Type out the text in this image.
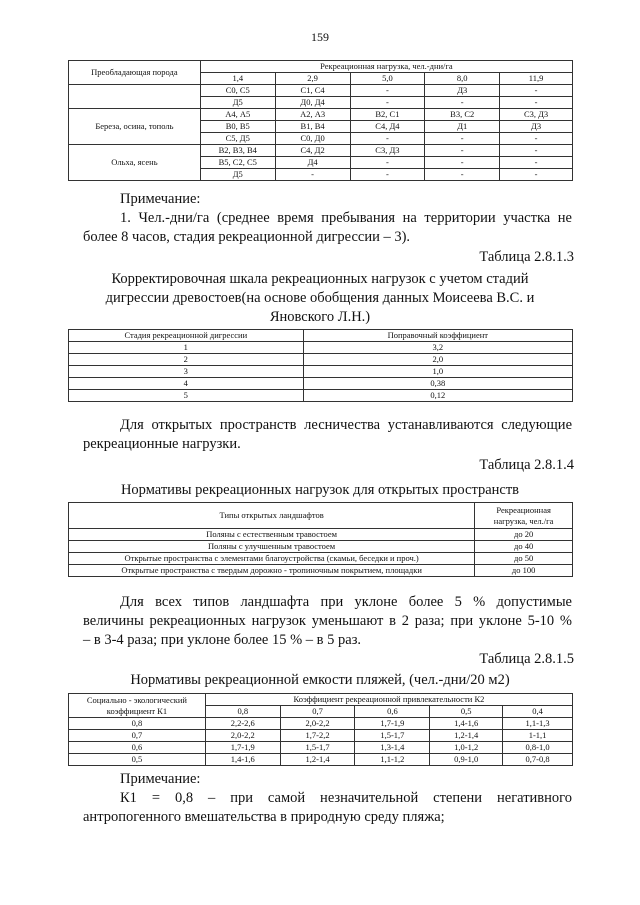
159
Преобладающая порода	Рекреационная нагрузка, чел.-дни/га				
	1,4	2,9	5,0	8,0	11,9
	С0, С5	С1, С4	-	Д3	-
	Д5	Д0, Д4	-	-	-
Береза, осина, тополь	А4, А5	А2, А3	В2, С1	В3, С2	С3, Д3
	В0, В5	В1, В4	С4, Д4	Д1	Д3
	С5, Д5	С0, Д0	-	-	-
Ольха, ясень	В2, В3, В4	С4, Д2	С3, Д3	-	-
	В5, С2, С5	Д4	-	-	-
	Д5	-	-	-	-
Примечание:
1. Чел.-дни/га (среднее время пребывания на территории участка не
более 8 часов, стадия рекреационной дигрессии – 3).
Таблица 2.8.1.3
Корректировочная шкала рекреационных нагрузок с учетом стадий
дигрессии древостоев(на основе обобщения данных Моисеева В.С. и
Яновского Л.Н.)
Стадия рекреационной дигрессии	Поправочный коэффициент
1	3,2
2	2,0
3	1,0
4	0,38
5	0,12
Для открытых пространств лесничества устанавливаются следующие
рекреационные нагрузки.
Таблица 2.8.1.4
Нормативы рекреационных нагрузок для открытых пространств
Типы открытых ландшафтов	Рекреационная
нагрузка, чел./га

Поляны с естественным травостоем	до 20
Поляны с улучшенным травостоем	до 40
Открытые пространства с элементами благоустройства (скамьи, беседки и проч.)	до 50
Открытые пространства с твердым дорожно - тропиночным покрытием, площадки	до 100
Для всех типов ландшафта при уклоне более 5 % допустимые
величины рекреационных нагрузок уменьшают в 2 раза; при уклоне 5-10 %
– в 3-4 раза; при уклоне более 15 % – в 5 раз.
Таблица 2.8.1.5
Нормативы рекреационной емкости пляжей, (чел.-дни/20 м2)
Социально - экологический
коэффициент К1	Коэффициент рекреационной привлекательности К2				
	0,8	0,7	0,6	0,5	0,4
0,8	2,2-2,6	2,0-2,2	1,7-1,9	1,4-1,6	1,1-1,3
0,7	2,0-2,2	1,7-2,2	1,5-1,7	1,2-1,4	1-1,1
0,6	1,7-1,9	1,5-1,7	1,3-1,4	1,0-1,2	0,8-1,0
0,5	1,4-1,6	1,2-1,4	1,1-1,2	0,9-1,0	0,7-0,8
Примечание:
К1 = 0,8 – при самой незначительной степени негативного
антропогенного вмешательства в природную среду пляжа;
